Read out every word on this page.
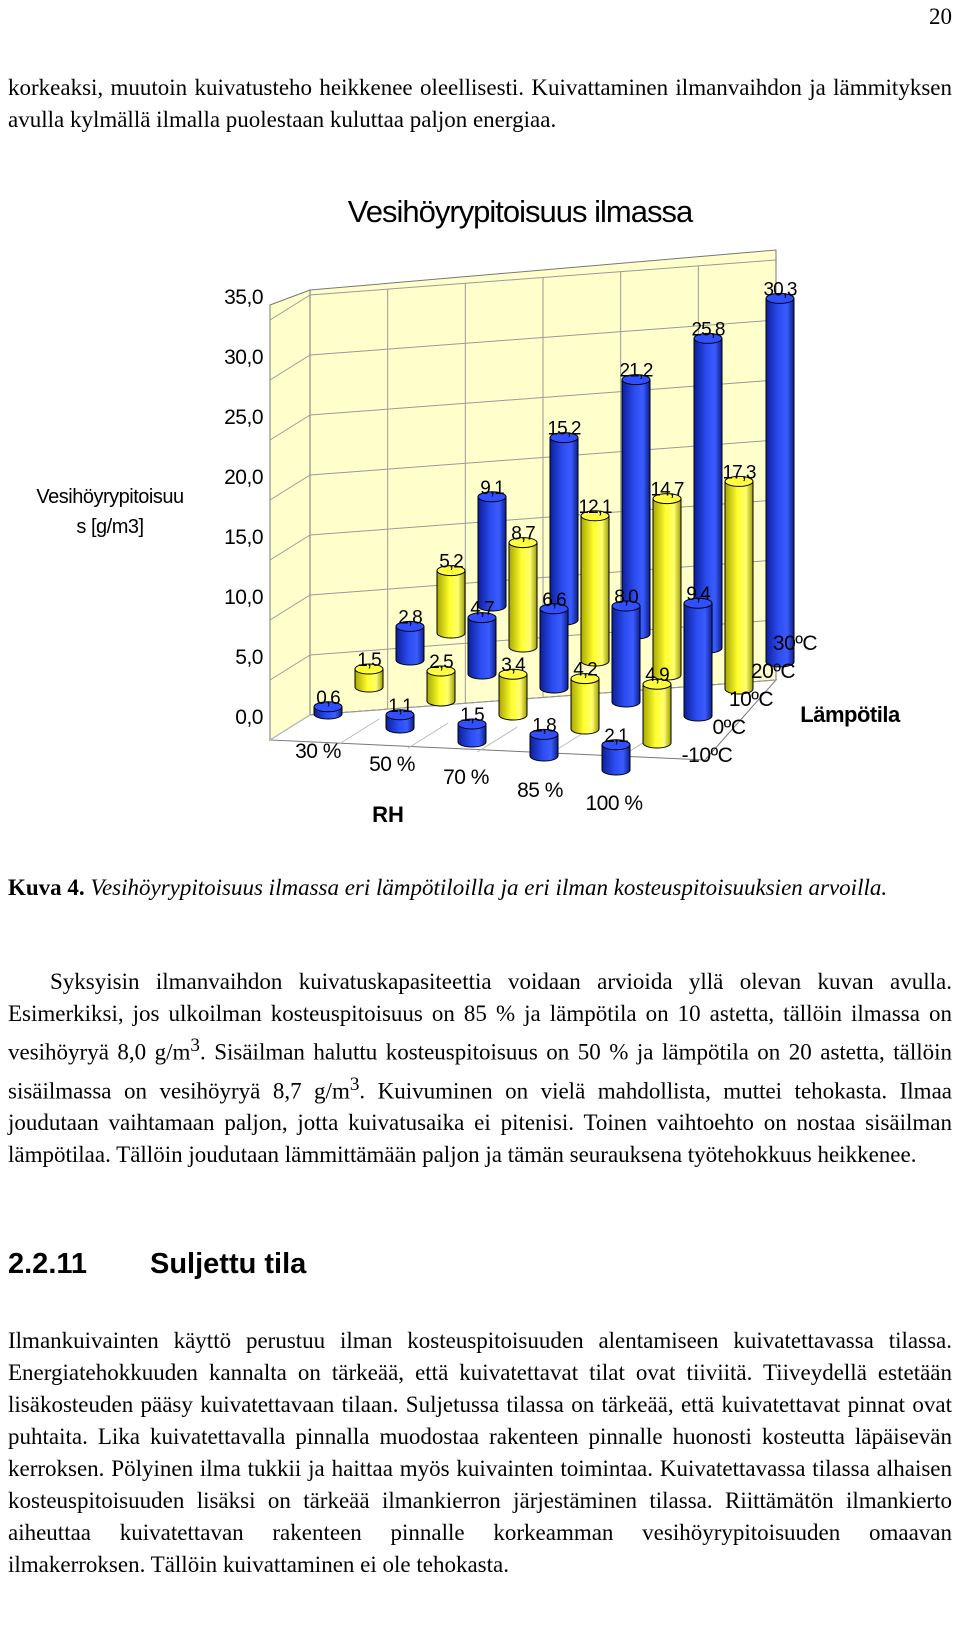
20

korkeaksi, muutoin kuivatusteho heikkenee oleellisesti. Kuivattaminen ilmanvaihdon ja lämmityksen avulla kylmällä ilmalla puolestaan kuluttaa paljon energiaa.

Vesihöyrypitoisuus ilmassa
35,0
30,0
25,0
20,0
15,0
10,0
5,0
0,0
Vesihöyrypitoisuu
s [g/m3]
9,1
15,2
21,2
25,8
30,3
5,2
8,7
12,1
14,7
17,3
2,8	4,7	6,6	8,0	9,4
1,5	2,5	3,4	4,2	4,9
0,6	1,1	1,5	1,8	2,1
30 %
50 %
70 %
85 %
100 %
-10ºC
0ºC
10ºC
20ºC
30ºC
RH
Lämpötila

Kuva 4. Vesihöyrypitoisuus ilmassa eri lämpötiloilla ja eri ilman kosteuspitoisuuksien arvoilla.

Syksyisin ilmanvaihdon kuivatuskapasiteettia voidaan arvioida yllä olevan kuvan avulla. Esimerkiksi, jos ulkoilman kosteuspitoisuus on 85 % ja lämpötila on 10 astetta, tällöin ilmassa on vesihöyryä 8,0 $g/m^3$. Sisäilman haluttu kosteuspitoisuus on 50 % ja lämpötila on 20 astetta, tällöin sisäilmassa on vesihöyryä 8,7 $g/m^3$. Kuivuminen on vielä mahdollista, muttei tehokasta. Ilmaa joudutaan vaihtamaan paljon, jotta kuivatusaika ei pitenisi. Toinen vaihtoehto on nostaa sisäilman lämpötilaa. Tällöin joudutaan lämmittämään paljon ja tämän seurauksena työtehokkuus heikkenee.

2.2.11 Suljettu tila

Ilmankuivainten käyttö perustuu ilman kosteuspitoisuuden alentamiseen kuivatettavassa tilassa. Energiatehokkuuden kannalta on tärkeää, että kuivatettavat tilat ovat tiiviitä. Tiiveydellä estetään lisäkosteuden pääsy kuivatettavaan tilaan. Suljetussa tilassa on tärkeää, että kuivatettavat pinnat ovat puhtaita. Lika kuivatettavalla pinnalla muodostaa rakenteen pinnalle huonosti kosteutta läpäisevän kerroksen. Pölyinen ilma tukkii ja haittaa myös kuivainten toimintaa. Kuivatettavassa tilassa alhaisen kosteuspitoisuuden lisäksi on tärkeää ilmankierron järjestäminen tilassa. Riittämätön ilmankierto aiheuttaa kuivatettavan rakenteen pinnalle korkeamman vesihöyrypitoisuuden omaavan ilmakerroksen. Tällöin kuivattaminen ei ole tehokasta.
